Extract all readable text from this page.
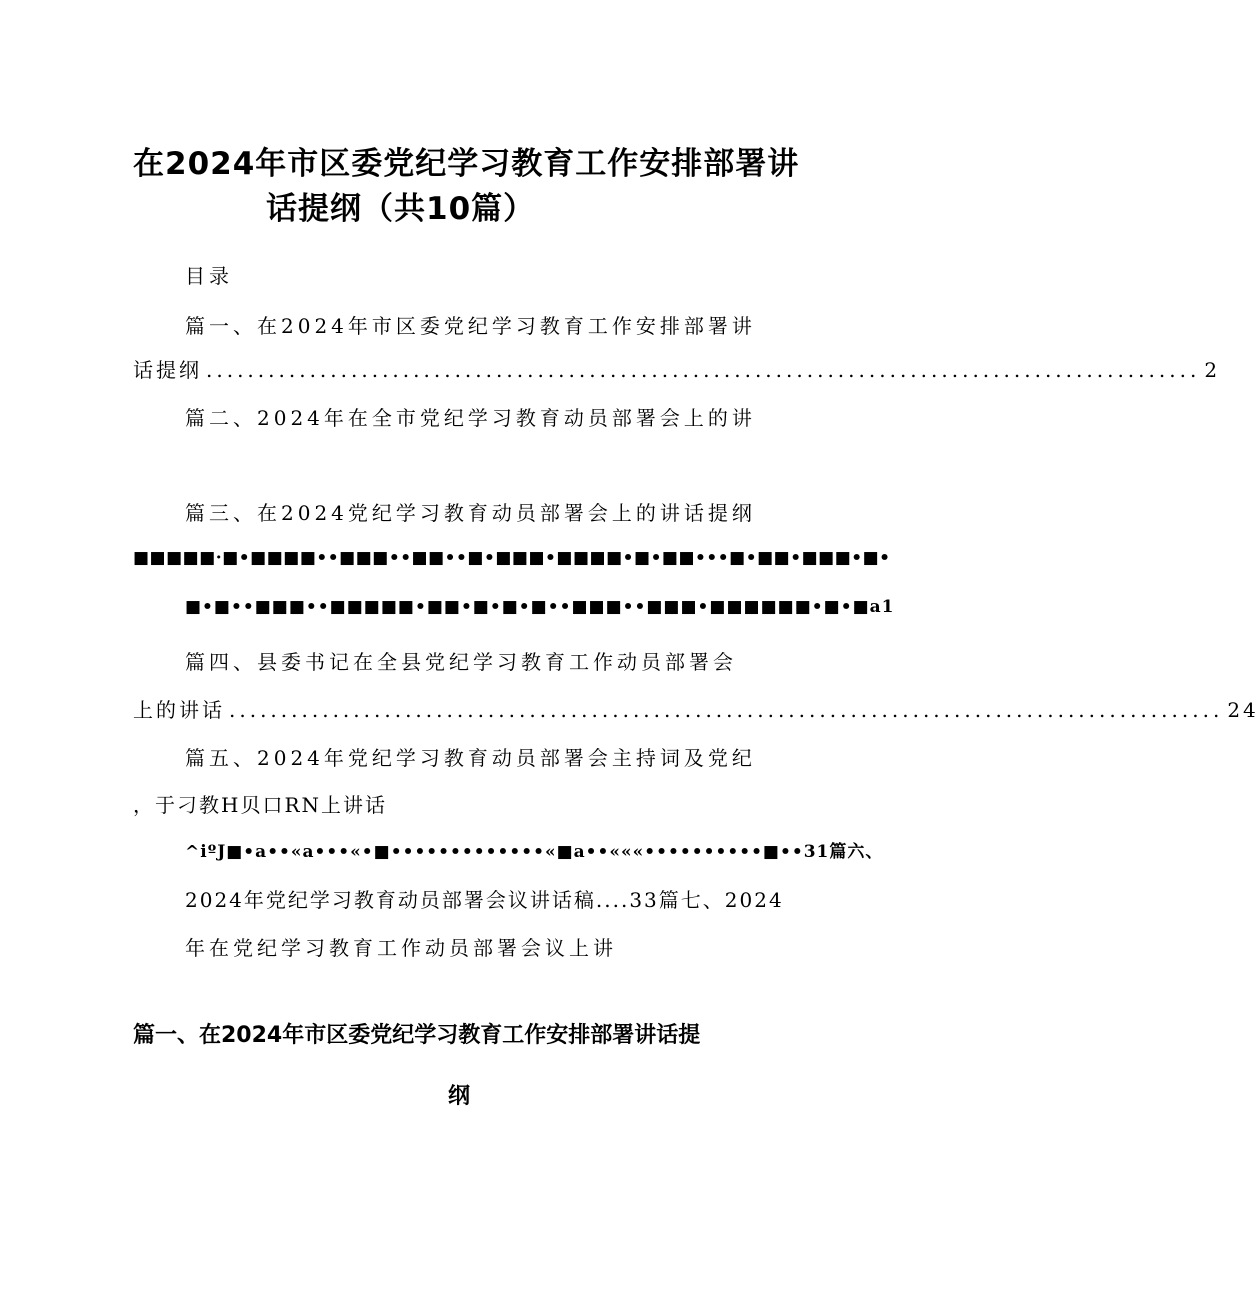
在2024年市区委党纪学习教育工作安排部署讲
话提纲（共10篇）
目录
篇一、在2024年市区委党纪学习教育工作安排部署讲
话提纲 ................................................................................................ 2
篇二、2024年在全市党纪学习教育动员部署会上的讲
篇三、在2024党纪学习教育动员部署会上的讲话提纲
■■■■■·■•■■■■••■■■••■■••■•■■■•■■■■•■•■■•••■•■■•■■■•■•
■•■••■■■••■■■■■•■■•■•■•■••■■■••■■■•■■■■■■•■•■a1
篇四、县委书记在全县党纪学习教育工作动员部署会
上的讲话 ................................................................................................ 24
篇五、2024年党纪学习教育动员部署会主持词及党纪
，于刁教H贝口RN上讲话
^iºJ■•a••«a•••«•■•••••••••••••«■a••«««••••••••••■••31篇六、
2024年党纪学习教育动员部署会议讲话稿....33篇七、2024
年在党纪学习教育工作动员部署会议上讲
篇一、在2024年市区委党纪学习教育工作安排部署讲话提
纲
